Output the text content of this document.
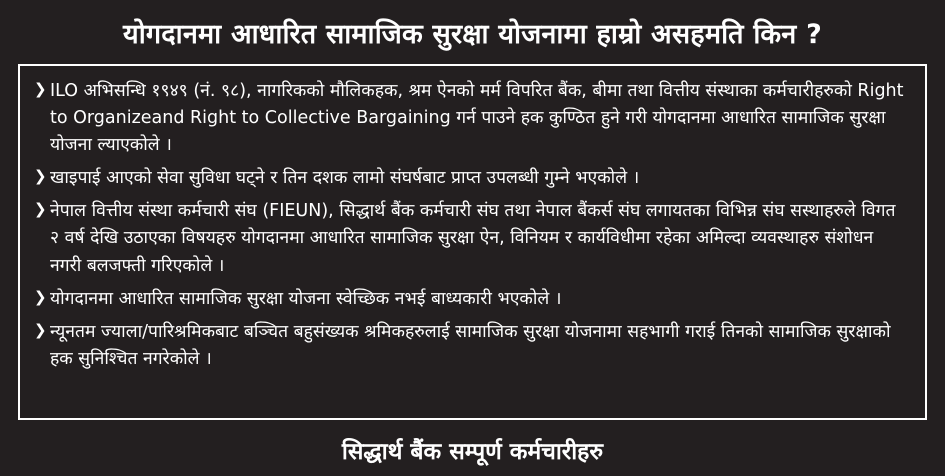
योगदानमा आधारित सामाजिक सुरक्षा योजनामा हाम्रो असहमति किन ?
❯ ILO अभिसन्धि १९४९ (नं. ९८), नागरिकको मौलिकहक, श्रम ऐनको मर्म विपरित बैंक, बीमा तथा वित्तीय संस्थाका कर्मचारीहरुको Right to Organizeand Right to Collective Bargaining गर्न पाउने हक कुण्ठित हुने गरी योगदानमा आधारित सामाजिक सुरक्षा योजना ल्याएकोले ।
❯ खाइपाई आएको सेवा सुविधा घट्ने र तिन दशक लामो संघर्षबाट प्राप्त उपलब्धी गुम्ने भएकोले ।
❯ नेपाल वित्तीय संस्था कर्मचारी संघ (FIEUN), सिद्धार्थ बैंक कर्मचारी संघ तथा नेपाल बैंकर्स संघ लगायतका विभिन्न संघ सस्थाहरुले विगत २ वर्ष देखि उठाएका विषयहरु योगदानमा आधारित सामाजिक सुरक्षा ऐन, विनियम र कार्यविधीमा रहेका अमिल्दा व्यवस्थाहरु संशोधन नगरी बलजफ्ती गरिएकोले ।
❯ योगदानमा आधारित सामाजिक सुरक्षा योजना स्वेच्छिक नभई बाध्यकारी भएकोले ।
❯ न्यूनतम ज्याला/पारिश्रमिकबाट बञ्चित बहुसंख्यक श्रमिकहरुलाई सामाजिक सुरक्षा योजनामा सहभागी गराई तिनको सामाजिक सुरक्षाको हक सुनिश्चित नगरेकोले ।
सिद्धार्थ बैंक सम्पूर्ण कर्मचारीहरु
